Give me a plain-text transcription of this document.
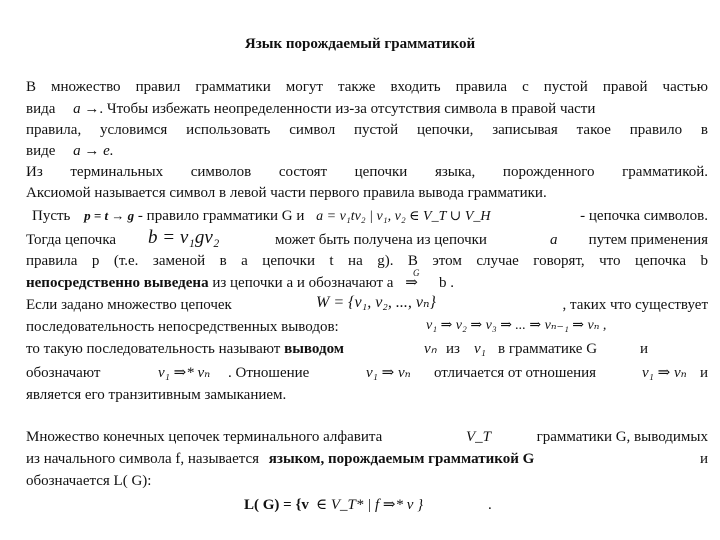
Язык порождаемый грамматикой
В множество правил грамматики могут также входить правила с пустой правой частью
вида a →. Чтобы избежать неопределенности из-за отсутствия символа в правой части
правила, условимся использовать символ пустой цепочки, записывая такое правило в
виде a → e.
Из терминальных символов состоят цепочки языка, порожденного грамматикой.
Аксиомой называется символ в левой части первого правила вывода грамматики.
Пусть p = t → g - правило грамматики G и a = v₁tv₂ | v₁, v₂ ∈ V_T ∪ V_H	- цепочка символов.
Тогда цепочка b = v₁gv₂	может быть получена из цепочки	a путем применения
правила p (т.е. заменой в a цепочки t на g). В этом случае говорят, что цепочка b
непосредственно выведена из цепочки a и обозначают a
G
⇒ b .
Если задано множество цепочек	W = {v₁, v₂, ..., vₙ}	, таких что существует
последовательность непосредственных выводов:	v₁ ⇒ v₂ ⇒ v₃ ⇒ ... ⇒ vₙ₋₁ ⇒ vₙ ,
то такую последовательность называют выводом	vₙ из v₁ в грамматике G	и
обозначают	v₁ ⇒* vₙ . Отношение	v₁ ⇒ vₙ отличается от отношения	v₁ ⇒ vₙ и
является его транзитивным замыканием.
Множество конечных цепочек терминального алфавита	V_T	грамматики G, выводимых
из начального символа f, называется языком, порождаемым грамматикой G	и
обозначается L( G):
L( G) = {v ∈ V_T* | f ⇒* v }	.
